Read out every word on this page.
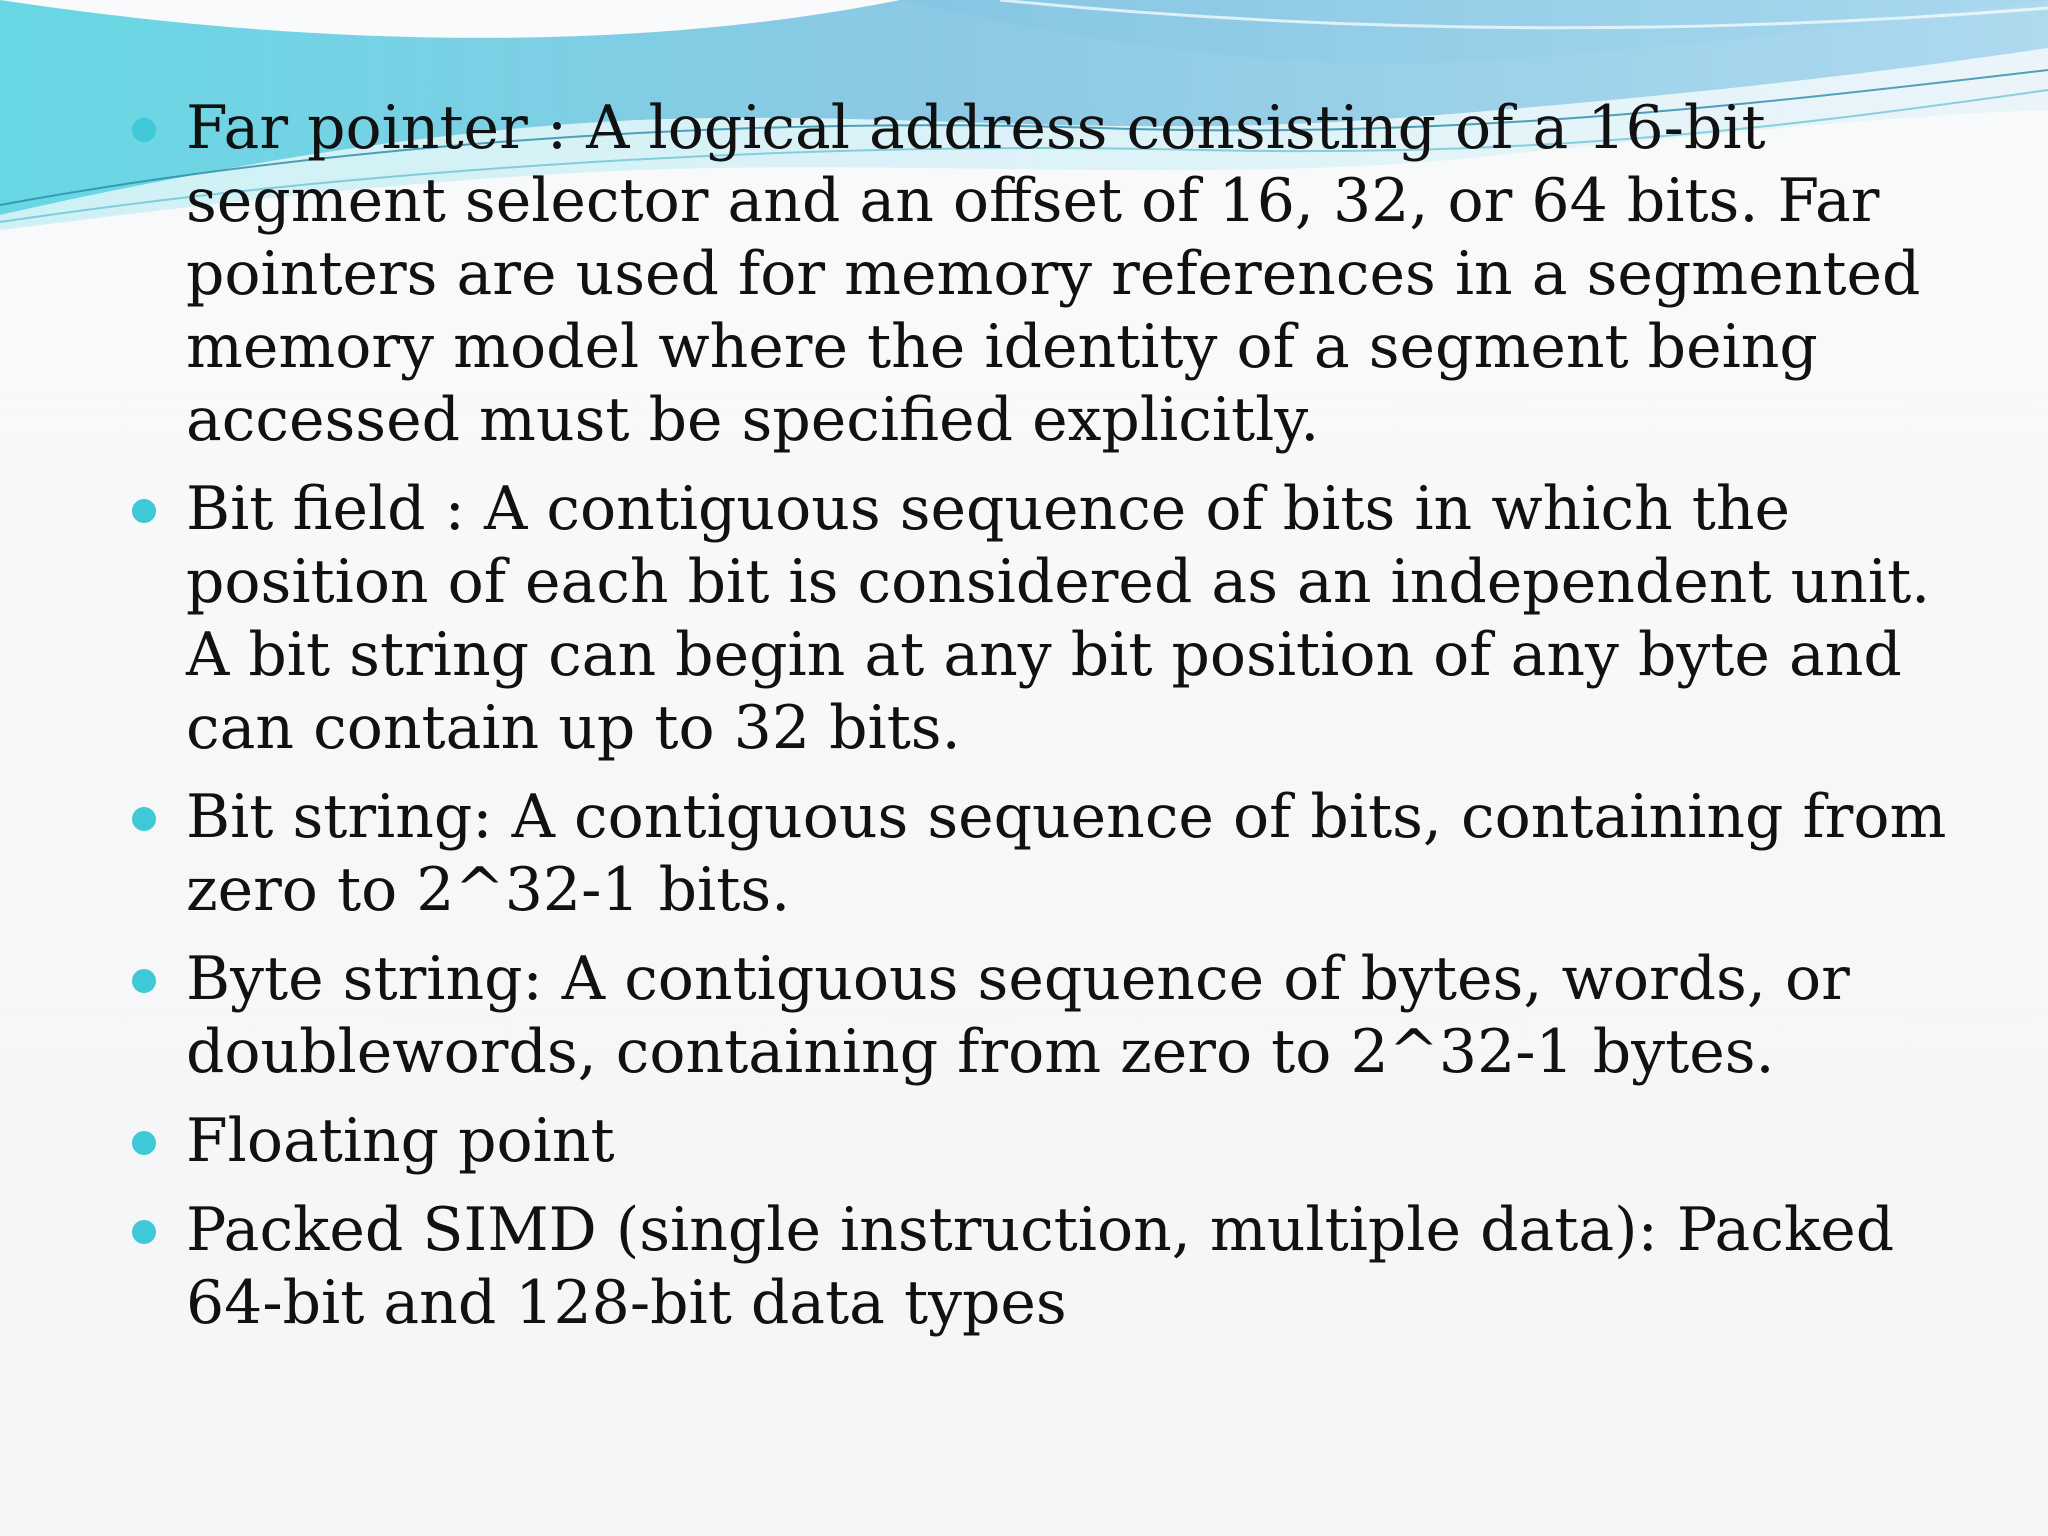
Far pointer : A logical address consisting of a 16-bit segment selector and an offset of 16, 32, or 64 bits. Far pointers are used for memory references in a segmented memory model where the identity of a segment being accessed must be specified explicitly.
Bit field : A contiguous sequence of bits in which the position of each bit is considered as an independent unit. A bit string can begin at any bit position of any byte and can contain up to 32 bits.
Bit string: A contiguous sequence of bits, containing from zero to 2^32-1 bits.
Byte string: A contiguous sequence of bytes, words, or doublewords, containing from zero to 2^32-1 bytes.
Floating point
Packed SIMD (single instruction, multiple data): Packed 64-bit and 128-bit data types
